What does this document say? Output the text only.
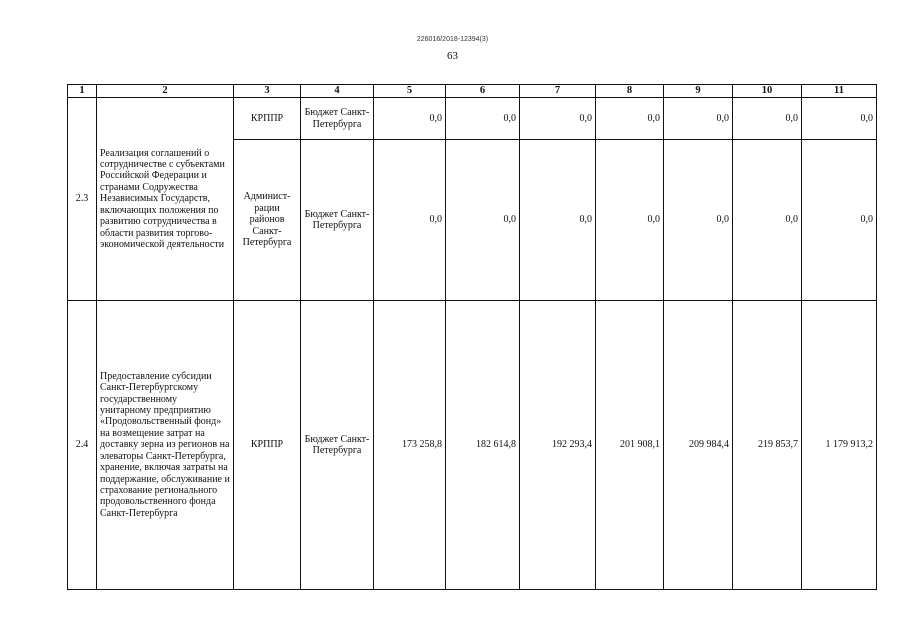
226016/2018-12394(3)
63
1	2	3	4	5	6	7	8	9	10	11
2.3	Реализация соглашений о сотрудничестве с субъектами Российской Федерации и странами Содружества Независимых Государств, включающих положения по развитию сотрудничества в области развития торгово-экономической деятельности	КРППР	Бюджет Санкт-Петербурга	0,0	0,0	0,0	0,0	0,0	0,0	0,0
		Админист-рации районов Санкт-Петербурга	Бюджет Санкт-Петербурга	0,0	0,0	0,0	0,0	0,0	0,0	0,0
2.4	Предоставление субсидии Санкт-Петербургскому государственному унитарному предприятию «Продовольственный фонд» на возмещение затрат на доставку зерна из регионов на элеваторы Санкт-Петербурга, хранение, включая затраты на поддержание, обслуживание и страхование регионального продовольственного фонда Санкт-Петербурга	КРППР	Бюджет Санкт-Петербурга	173 258,8	182 614,8	192 293,4	201 908,1	209 984,4	219 853,7	1 179 913,2
